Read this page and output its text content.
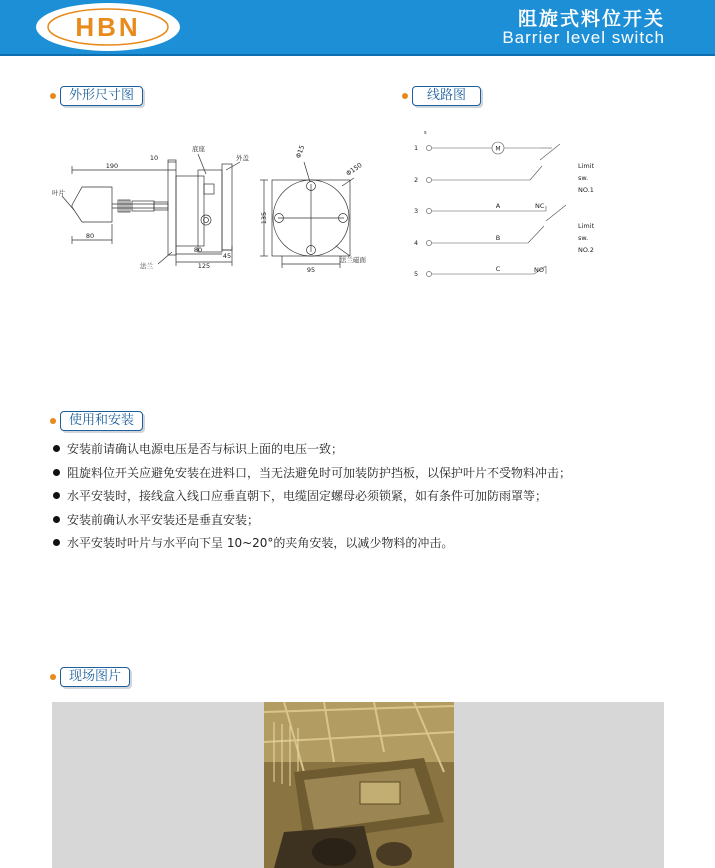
HBN	阻旋式料位开关
Barrier level switch
外形尺寸图	线路图
使用和安装
现场图片
190
10
80
叶片
底座
外盖
法兰
80
45
125
135
95
Φ15
Φ150
法兰磁面
s
1
2
3
4
5
M
A	NC
B
C	NO
Limit
sw.
NO.1
Limit
sw.
NO.2
安装前请确认电源电压是否与标识上面的电压一致；
阻旋料位开关应避免安装在进料口，当无法避免时可加装防护挡板，以保护叶片不受物料冲击；
水平安装时，接线盒入线口应垂直朝下，电缆固定螺母必须锁紧，如有条件可加防雨罩等；
安装前确认水平安装还是垂直安装；
水平安装时叶片与水平向下呈 10~20°的夹角安装，以减少物料的冲击。
